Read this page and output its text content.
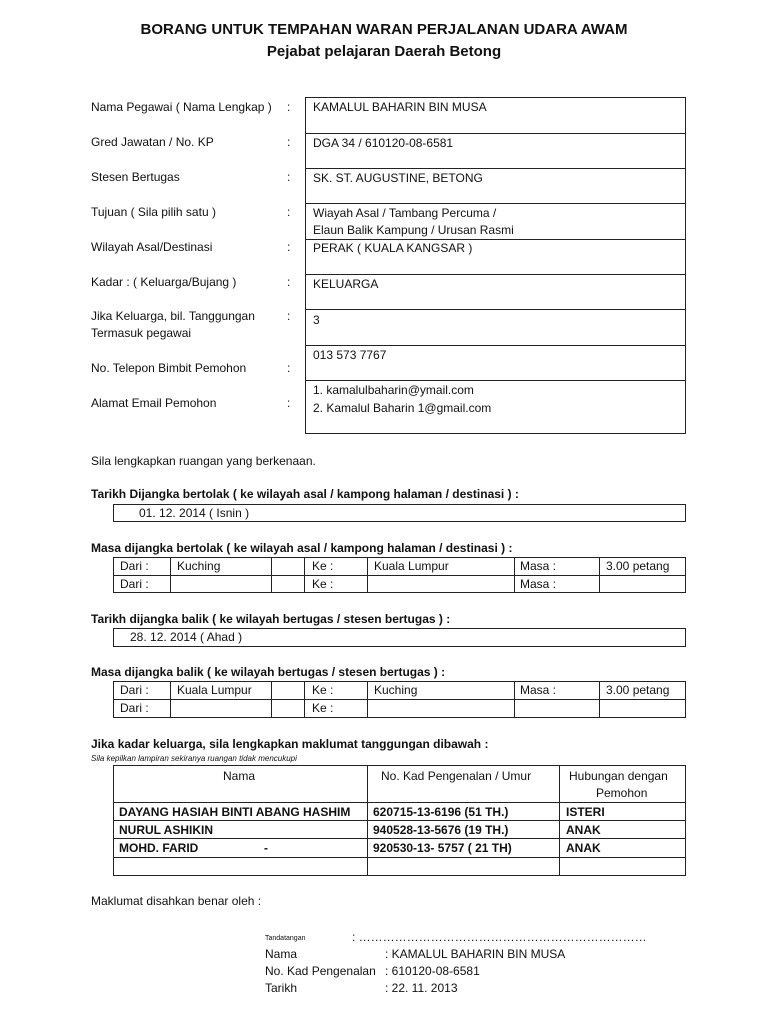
BORANG UNTUK TEMPAHAN WARAN PERJALANAN UDARA AWAM
Pejabat pelajaran Daerah Betong
Nama Pegawai ( Nama Lengkap ) : KAMALUL BAHARIN BIN MUSA
Gred Jawatan / No. KP	: DGA 34 / 610120-08-6581
Stesen Bertugas	: SK. ST. AUGUSTINE, BETONG
Tujuan ( Sila pilih satu )	: Wiayah Asal / Tambang Percuma /
Elaun Balik Kampung / Urusan Rasmi
Wilayah Asal/Destinasi	: PERAK ( KUALA KANGSAR )
Kadar : ( Keluarga/Bujang )	: KELUARGA
Jika Keluarga, bil. Tanggungan
Termasuk pegawai
: 3
No. Telepon Bimbit Pemohon	:
013 573 7767
Alamat Email Pemohon	:
1. kamalulbaharin@ymail.com
2. Kamalul Baharin 1@gmail.com
Sila lengkapkan ruangan yang berkenaan.
Tarikh Dijangka bertolak ( ke wilayah asal / kampong halaman / destinasi ) :
01. 12. 2014 ( Isnin )
Masa dijangka bertolak ( ke wilayah asal / kampong halaman / destinasi ) :
Dari : Kuching	Ke :	Kuala Lumpur	Masa :	3.00 petang
Dari :	Ke :	Masa :
Tarikh dijangka balik ( ke wilayah bertugas / stesen bertugas ) :
28. 12. 2014 ( Ahad )
Masa dijangka balik ( ke wilayah bertugas / stesen bertugas ) :
Dari : Kuala Lumpur	Ke :	Kuching	Masa :	3.00 petang
Dari :	Ke :
Jika kadar keluarga, sila lengkapkan maklumat tanggungan dibawah :
Sila kepilkan lampiran sekiranya ruangan tidak mencukupi
Nama	No. Kad Pengenalan / Umur	Hubungan dengan
Pemohon
DAYANG HASIAH BINTI ABANG HASHIM 620715-13-6196 (51 TH.)	ISTERI
NURUL ASHIKIN	940528-13-5676 (19 TH.)	ANAK
MOHD. FARID	-	920530-13- 5757 ( 21 TH)	ANAK
Maklumat disahkan benar oleh :
Tandatangan	: ………………………………………………………………
Nama	: KAMALUL BAHARIN BIN MUSA
No. Kad Pengenalan : 610120-08-6581
Tarikh	: 22. 11. 2013
